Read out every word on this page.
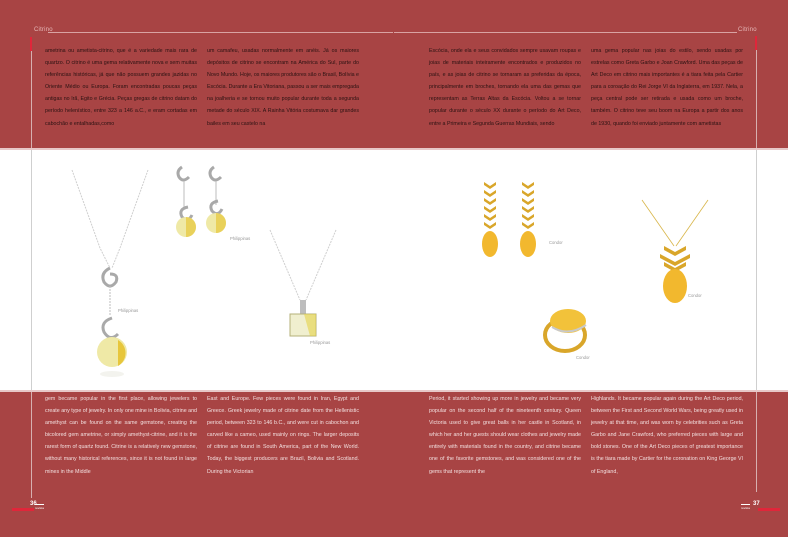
Citrino	Citrino

ametrina ou ametista-citrino, que é a variedade mais rara de quartzo. O citrino é uma gema relativamente nova e sem muitas referências históricas, já que não possuem grandes jazidas no Oriente Médio ou Europa. Foram encontradas poucas peças antigas no Irã, Egito e Grécia. Peças gregas de citrino datam do período helenístico, entre 323 a 146 a.C., e eram cortadas em cabochão e entalhadas,como

um camafeu, usadas normalmente em anéis. Já os maiores depósitos de citrino se encontram na América do Sul, parte do Novo Mundo. Hoje, os maiores produtores são o Brasil, Bolívia e Escócia. Durante a Era Vitoriana, passou a ser mais empregada na joalheria e se tornou muito popular durante toda a segunda metade do século XIX. A Rainha Vitória costumava dar grandes bailes em seu castelo na

Escócia, onde ela e seus convidados sempre usavam roupas e joias de materiais inteiramente encontrados e produzidos no país, e as joias de citrino se tornaram as preferidas da época, principalmente em broches, tornando ela uma das gemas que representam as Terras Altas da Escócia. Voltou a se tornar popular durante o século XX durante o período do Art Deco, entre a Primeira e Segunda Guerras Mundiais, sendo

uma gema popular nas joias do estilo, sendo usadas por estrelas como Greta Garbo e Joan Crawford. Uma das peças de Art Deco em citrino mais importantes é a tiara feita pela Cartier para a coroação do Rei Jorge VI da Inglaterra, em 1937. Nela, a peça central pode ser retirada e usada como um broche, também. O citrino teve seu boom na Europa a partir dos anos de 1930, quando foi enviado juntamente com ametistas

Philippinas
Philippinas
Philippinas
Condor
Condor
Condor

gem became popular in the first place, allowing jewelers to create any type of jewelry. In only one mine in Bolivia, citrine and amethyst can be found on the same gemstone, creating the bicolored gem ametrine, or simply amethyst-citrine, and it is the rarest form of quartz found. Citrine is a relatively new gemstone, without many historical references, since it is not found in large mines in the Middle

East and Europe. Few pieces were found in Iran, Egypt and Greece. Greek jewelry made of citrine date from the Hellenistic period, between 323 to 146 b.C., and were cut in cabochon and carved like a cameo, used mainly on rings. The larger deposits of citrine are found in South America, part of the New World. Today, the biggest producers are Brazil, Bolivia and Scotland. During the Victorian

Period, it started showing up more in jewelry and became very popular on the second half of the nineteenth century. Queen Victoria used to give great balls in her castle in Scotland, in which her and her guests should wear clothes and jewelry made entirely with materials found in the country, and citrine became one of the favorite gemstones, and was considered one of the gems that represent the

Highlands. It became popular again during the Art Deco period, between the First and Second World Wars, being greatly used in jewelry at that time, and was worn by celebrities such as Greta Garbo and Jane Crawford, who preferred pieces with large and bold stones. One of the Art Deco pieces of greatest importance is the tiara made by Cartier for the coronation on King George VI of England,

36
revista
37
revista
